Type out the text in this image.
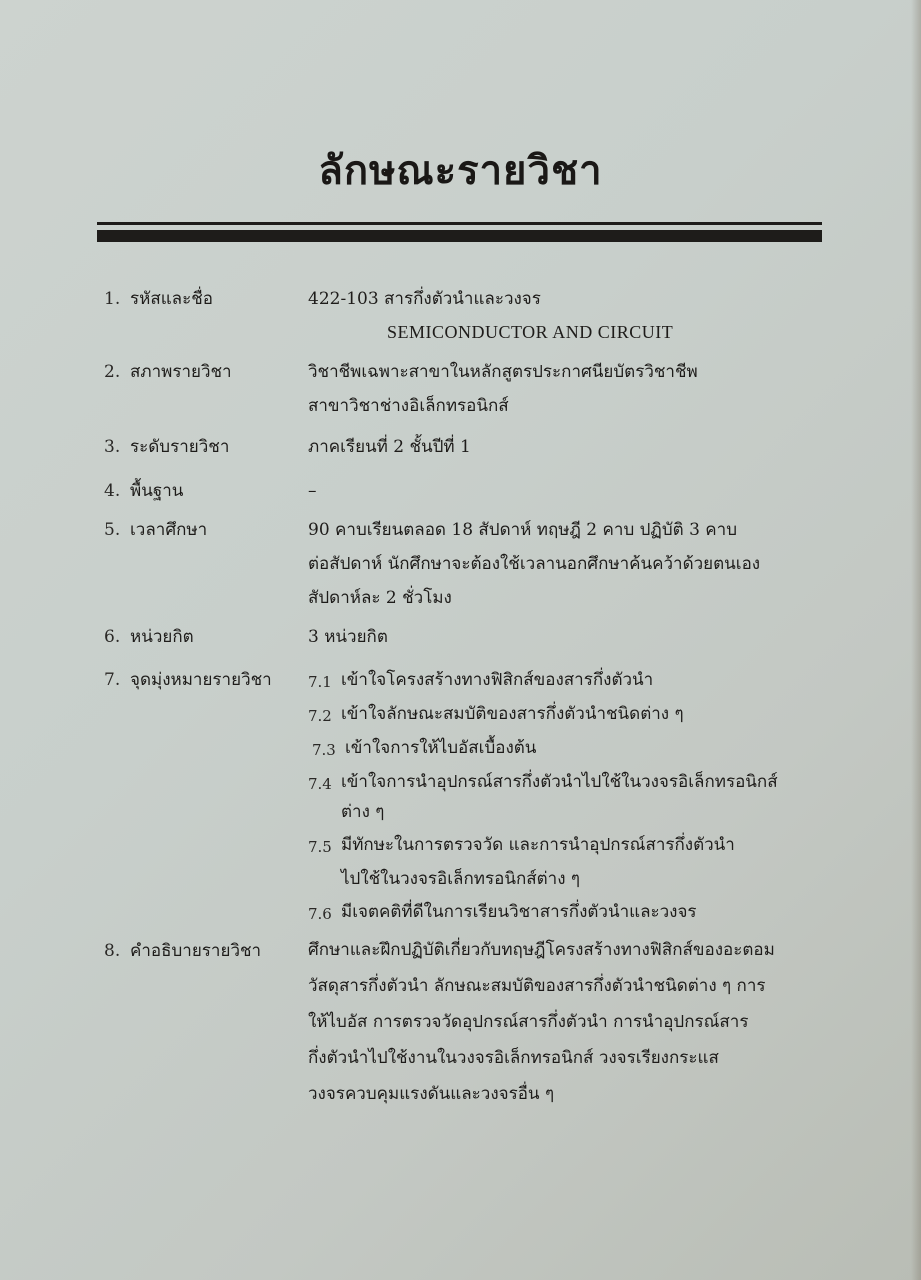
ลักษณะรายวิชา
1. รหัสและชื่อ	422-103 สารกึ่งตัวนำและวงจร
SEMICONDUCTOR AND CIRCUIT
2. สภาพรายวิชา	วิชาชีพเฉพาะสาขาในหลักสูตรประกาศนียบัตรวิชาชีพ
สาขาวิชาช่างอิเล็กทรอนิกส์
3. ระดับรายวิชา	ภาคเรียนที่ 2 ชั้นปีที่ 1
4. พื้นฐาน	–
5. เวลาศึกษา	90 คาบเรียนตลอด 18 สัปดาห์ ทฤษฎี 2 คาบ ปฏิบัติ 3 คาบ
ต่อสัปดาห์ นักศึกษาจะต้องใช้เวลานอกศึกษาค้นคว้าด้วยตนเอง
สัปดาห์ละ 2 ชั่วโมง
6. หน่วยกิต	3 หน่วยกิต
7. จุดมุ่งหมายรายวิชา 7.1 เข้าใจโครงสร้างทางฟิสิกส์ของสารกึ่งตัวนำ
7.2 เข้าใจลักษณะสมบัติของสารกึ่งตัวนำชนิดต่าง ๆ
7.3 เข้าใจการให้ไบอัสเบื้องต้น
7.4 เข้าใจการนำอุปกรณ์สารกึ่งตัวนำไปใช้ในวงจรอิเล็กทรอนิกส์
ต่าง ๆ
7.5 มีทักษะในการตรวจวัด และการนำอุปกรณ์สารกึ่งตัวนำ
ไปใช้ในวงจรอิเล็กทรอนิกส์ต่าง ๆ
7.6 มีเจตคติที่ดีในการเรียนวิชาสารกึ่งตัวนำและวงจร
8. คำอธิบายรายวิชา	ศึกษาและฝึกปฏิบัติเกี่ยวกับทฤษฎีโครงสร้างทางฟิสิกส์ของอะตอม
วัสดุสารกึ่งตัวนำ ลักษณะสมบัติของสารกึ่งตัวนำชนิดต่าง ๆ การ
ให้ไบอัส การตรวจวัดอุปกรณ์สารกึ่งตัวนำ การนำอุปกรณ์สาร
กึ่งตัวนำไปใช้งานในวงจรอิเล็กทรอนิกส์ วงจรเรียงกระแส
วงจรควบคุมแรงดันและวงจรอื่น ๆ
